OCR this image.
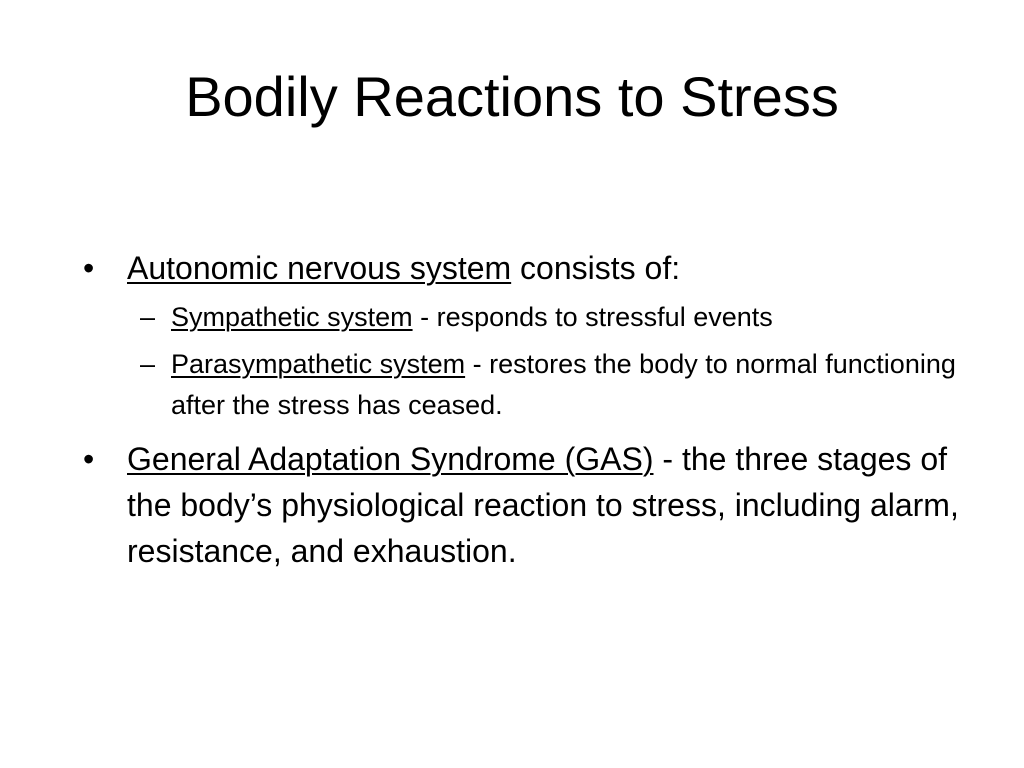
Bodily Reactions to Stress

•	Autonomic nervous system consists of:

– Sympathetic system - responds to stressful events

– Parasympathetic system - restores the body to normal functioning after the stress has ceased.

•	General Adaptation Syndrome (GAS) - the three stages of the body’s physiological reaction to stress, including alarm, resistance, and exhaustion.
